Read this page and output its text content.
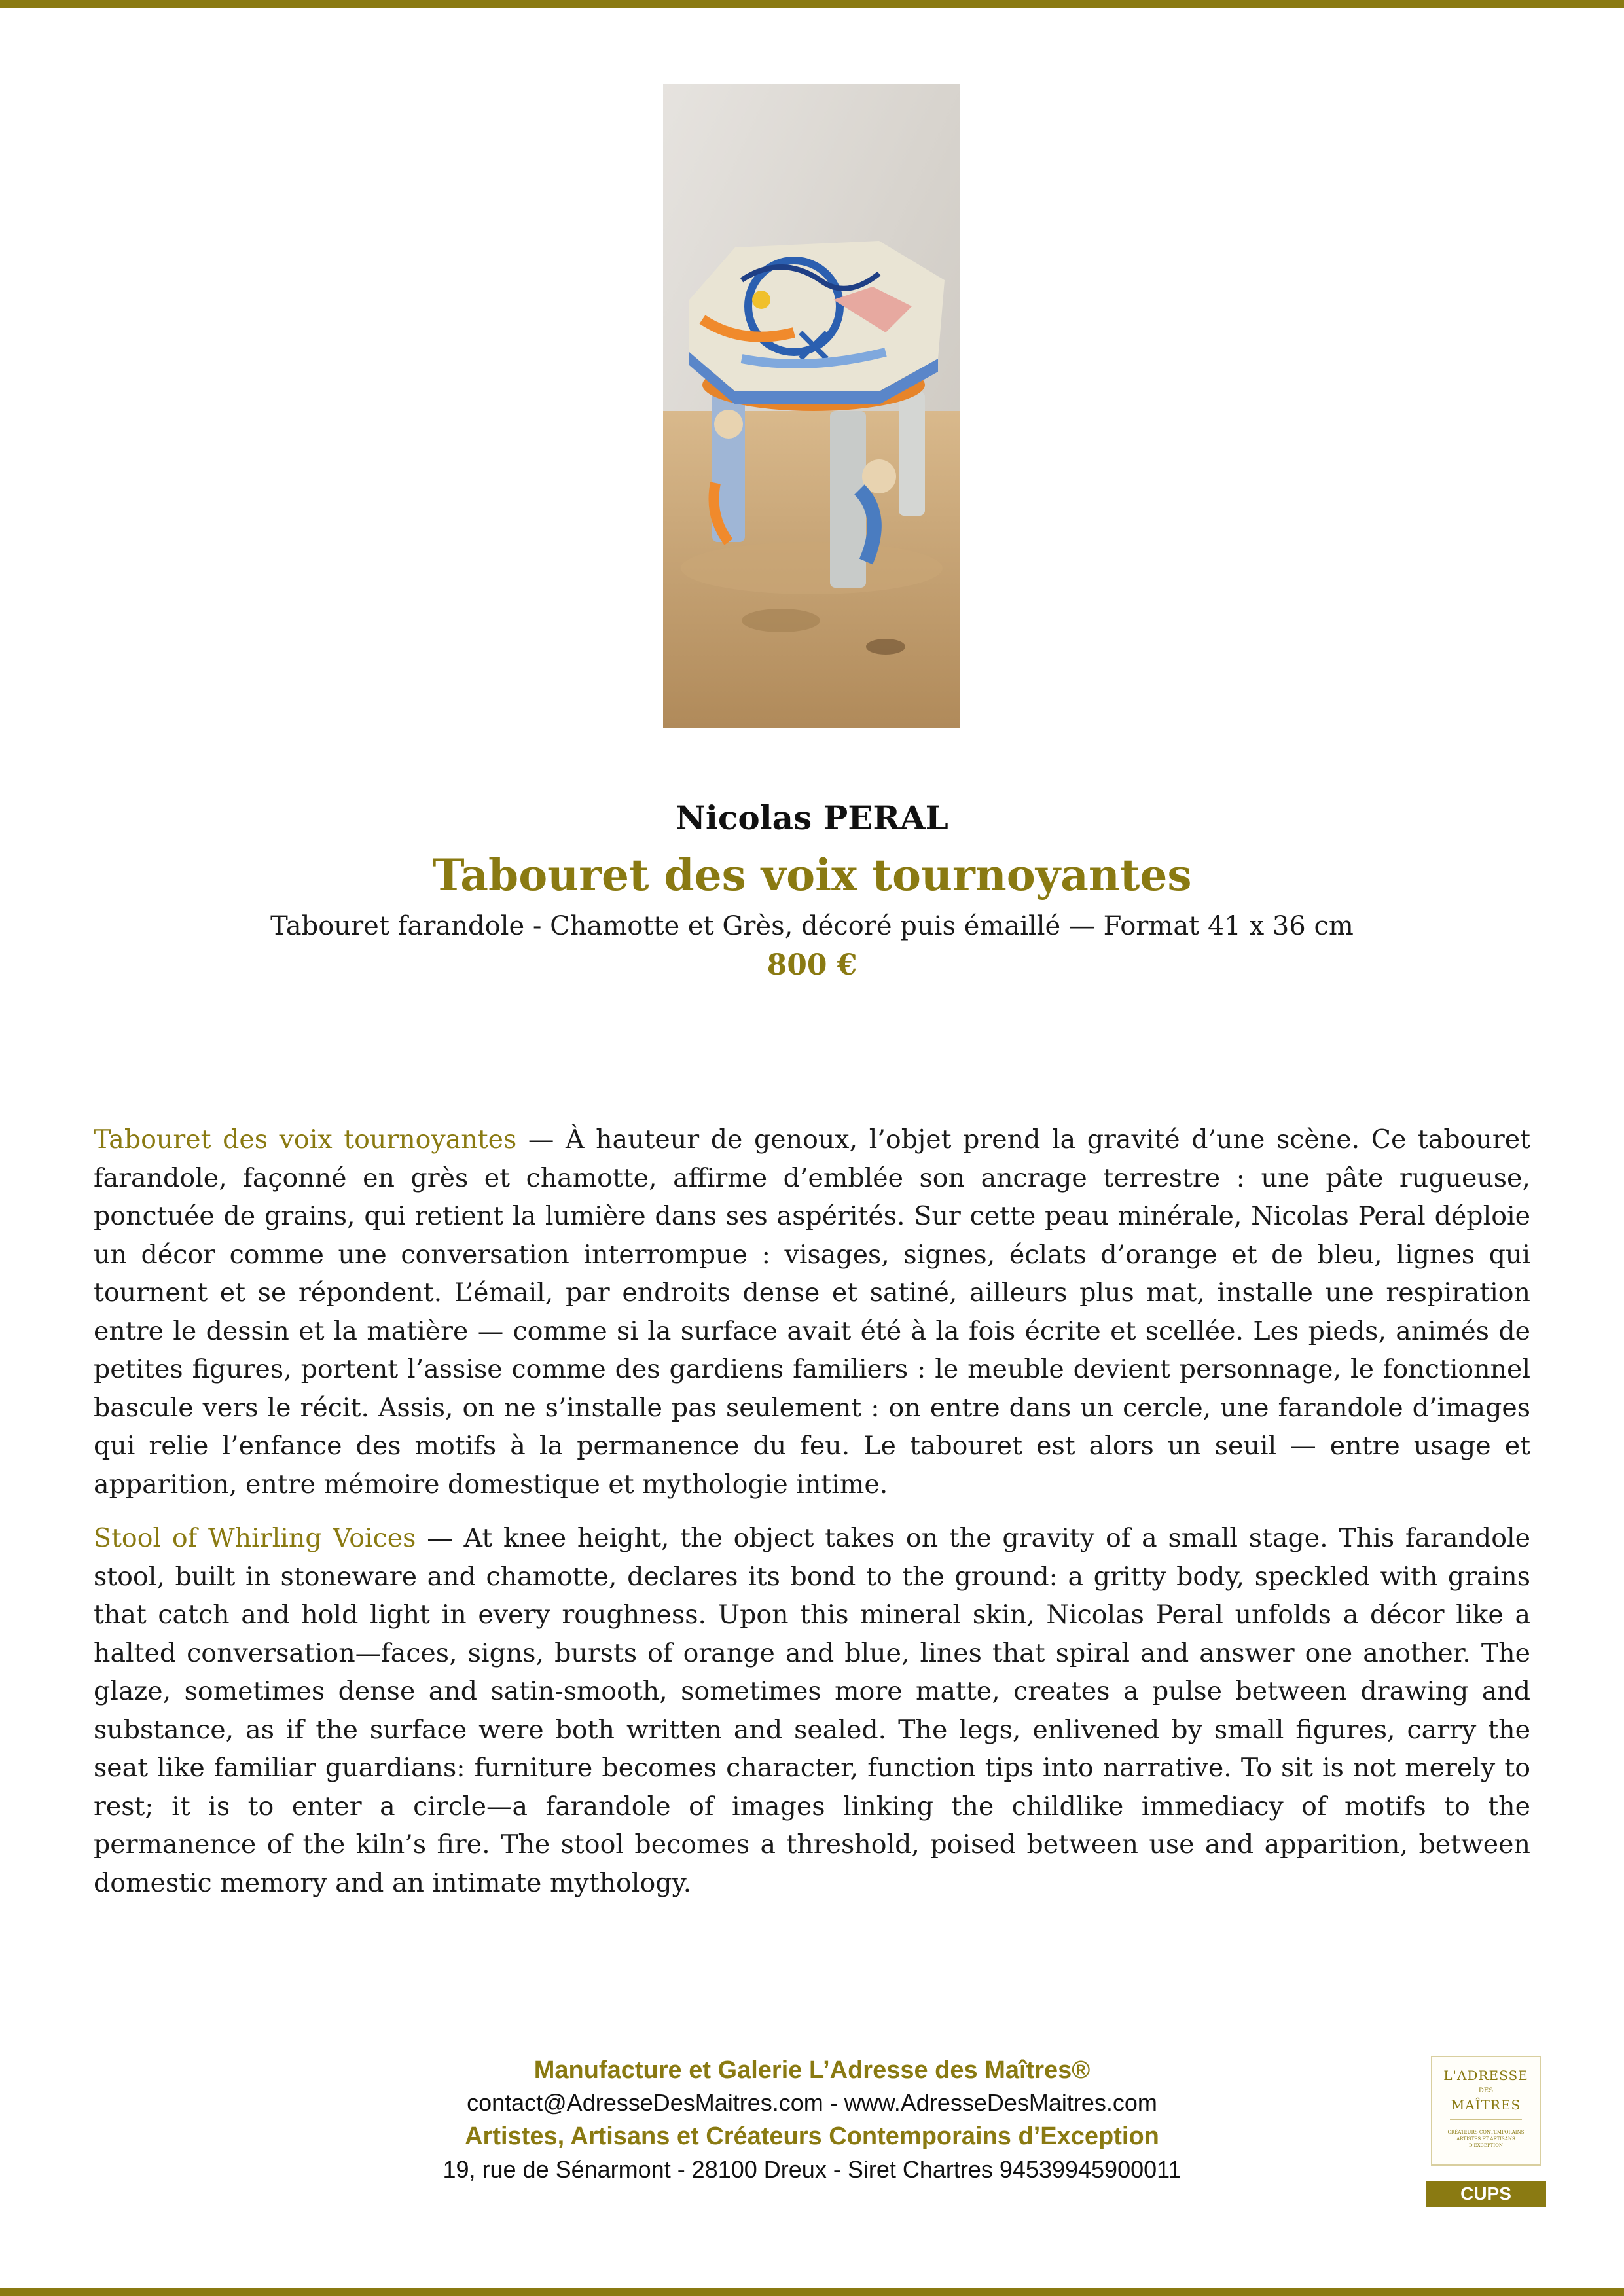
Nicolas PERAL
Tabouret des voix tournoyantes
Tabouret farandole - Chamotte et Grès, décoré puis émaillé — Format 41 x 36 cm
800 €

Tabouret des voix tournoyantes — À hauteur de genoux, l’objet prend la gravité d’une scène. Ce tabouret farandole, façonné en grès et chamotte, affirme d’emblée son ancrage terrestre : une pâte rugueuse, ponctuée de grains, qui retient la lumière dans ses aspérités. Sur cette peau minérale, Nicolas Peral déploie un décor comme une conversation interrompue : visages, signes, éclats d’orange et de bleu, lignes qui tournent et se répondent. L’émail, par endroits dense et satiné, ailleurs plus mat, installe une respiration entre le dessin et la matière — comme si la surface avait été à la fois écrite et scellée. Les pieds, animés de petites figures, portent l’assise comme des gardiens familiers : le meuble devient personnage, le fonctionnel bascule vers le récit. Assis, on ne s’installe pas seulement : on entre dans un cercle, une farandole d’images qui relie l’enfance des motifs à la permanence du feu. Le tabouret est alors un seuil — entre usage et apparition, entre mémoire domestique et mythologie intime.

Stool of Whirling Voices — At knee height, the object takes on the gravity of a small stage. This farandole stool, built in stoneware and chamotte, declares its bond to the ground: a gritty body, speckled with grains that catch and hold light in every roughness. Upon this mineral skin, Nicolas Peral unfolds a décor like a halted conversation—faces, signs, bursts of orange and blue, lines that spiral and answer one another. The glaze, sometimes dense and satin-smooth, sometimes more matte, creates a pulse between drawing and substance, as if the surface were both written and sealed. The legs, enlivened by small figures, carry the seat like familiar guardians: furniture becomes character, function tips into narrative. To sit is not merely to rest; it is to enter a circle—a farandole of images linking the childlike immediacy of motifs to the permanence of the kiln’s fire. The stool becomes a threshold, poised between use and apparition, between domestic memory and an intimate mythology.

Manufacture et Galerie L’Adresse des Maîtres®
contact@AdresseDesMaitres.com - www.AdresseDesMaitres.com
Artistes, Artisans et Créateurs Contemporains d’Exception
19, rue de Sénarmont - 28100 Dreux - Siret Chartres 94539945900011
L'ADRESSE
DES
MAÎTRES
CRÉATEURS CONTEMPORAINS ARTISTES ET ARTISANS D'EXCEPTION
CUPS
